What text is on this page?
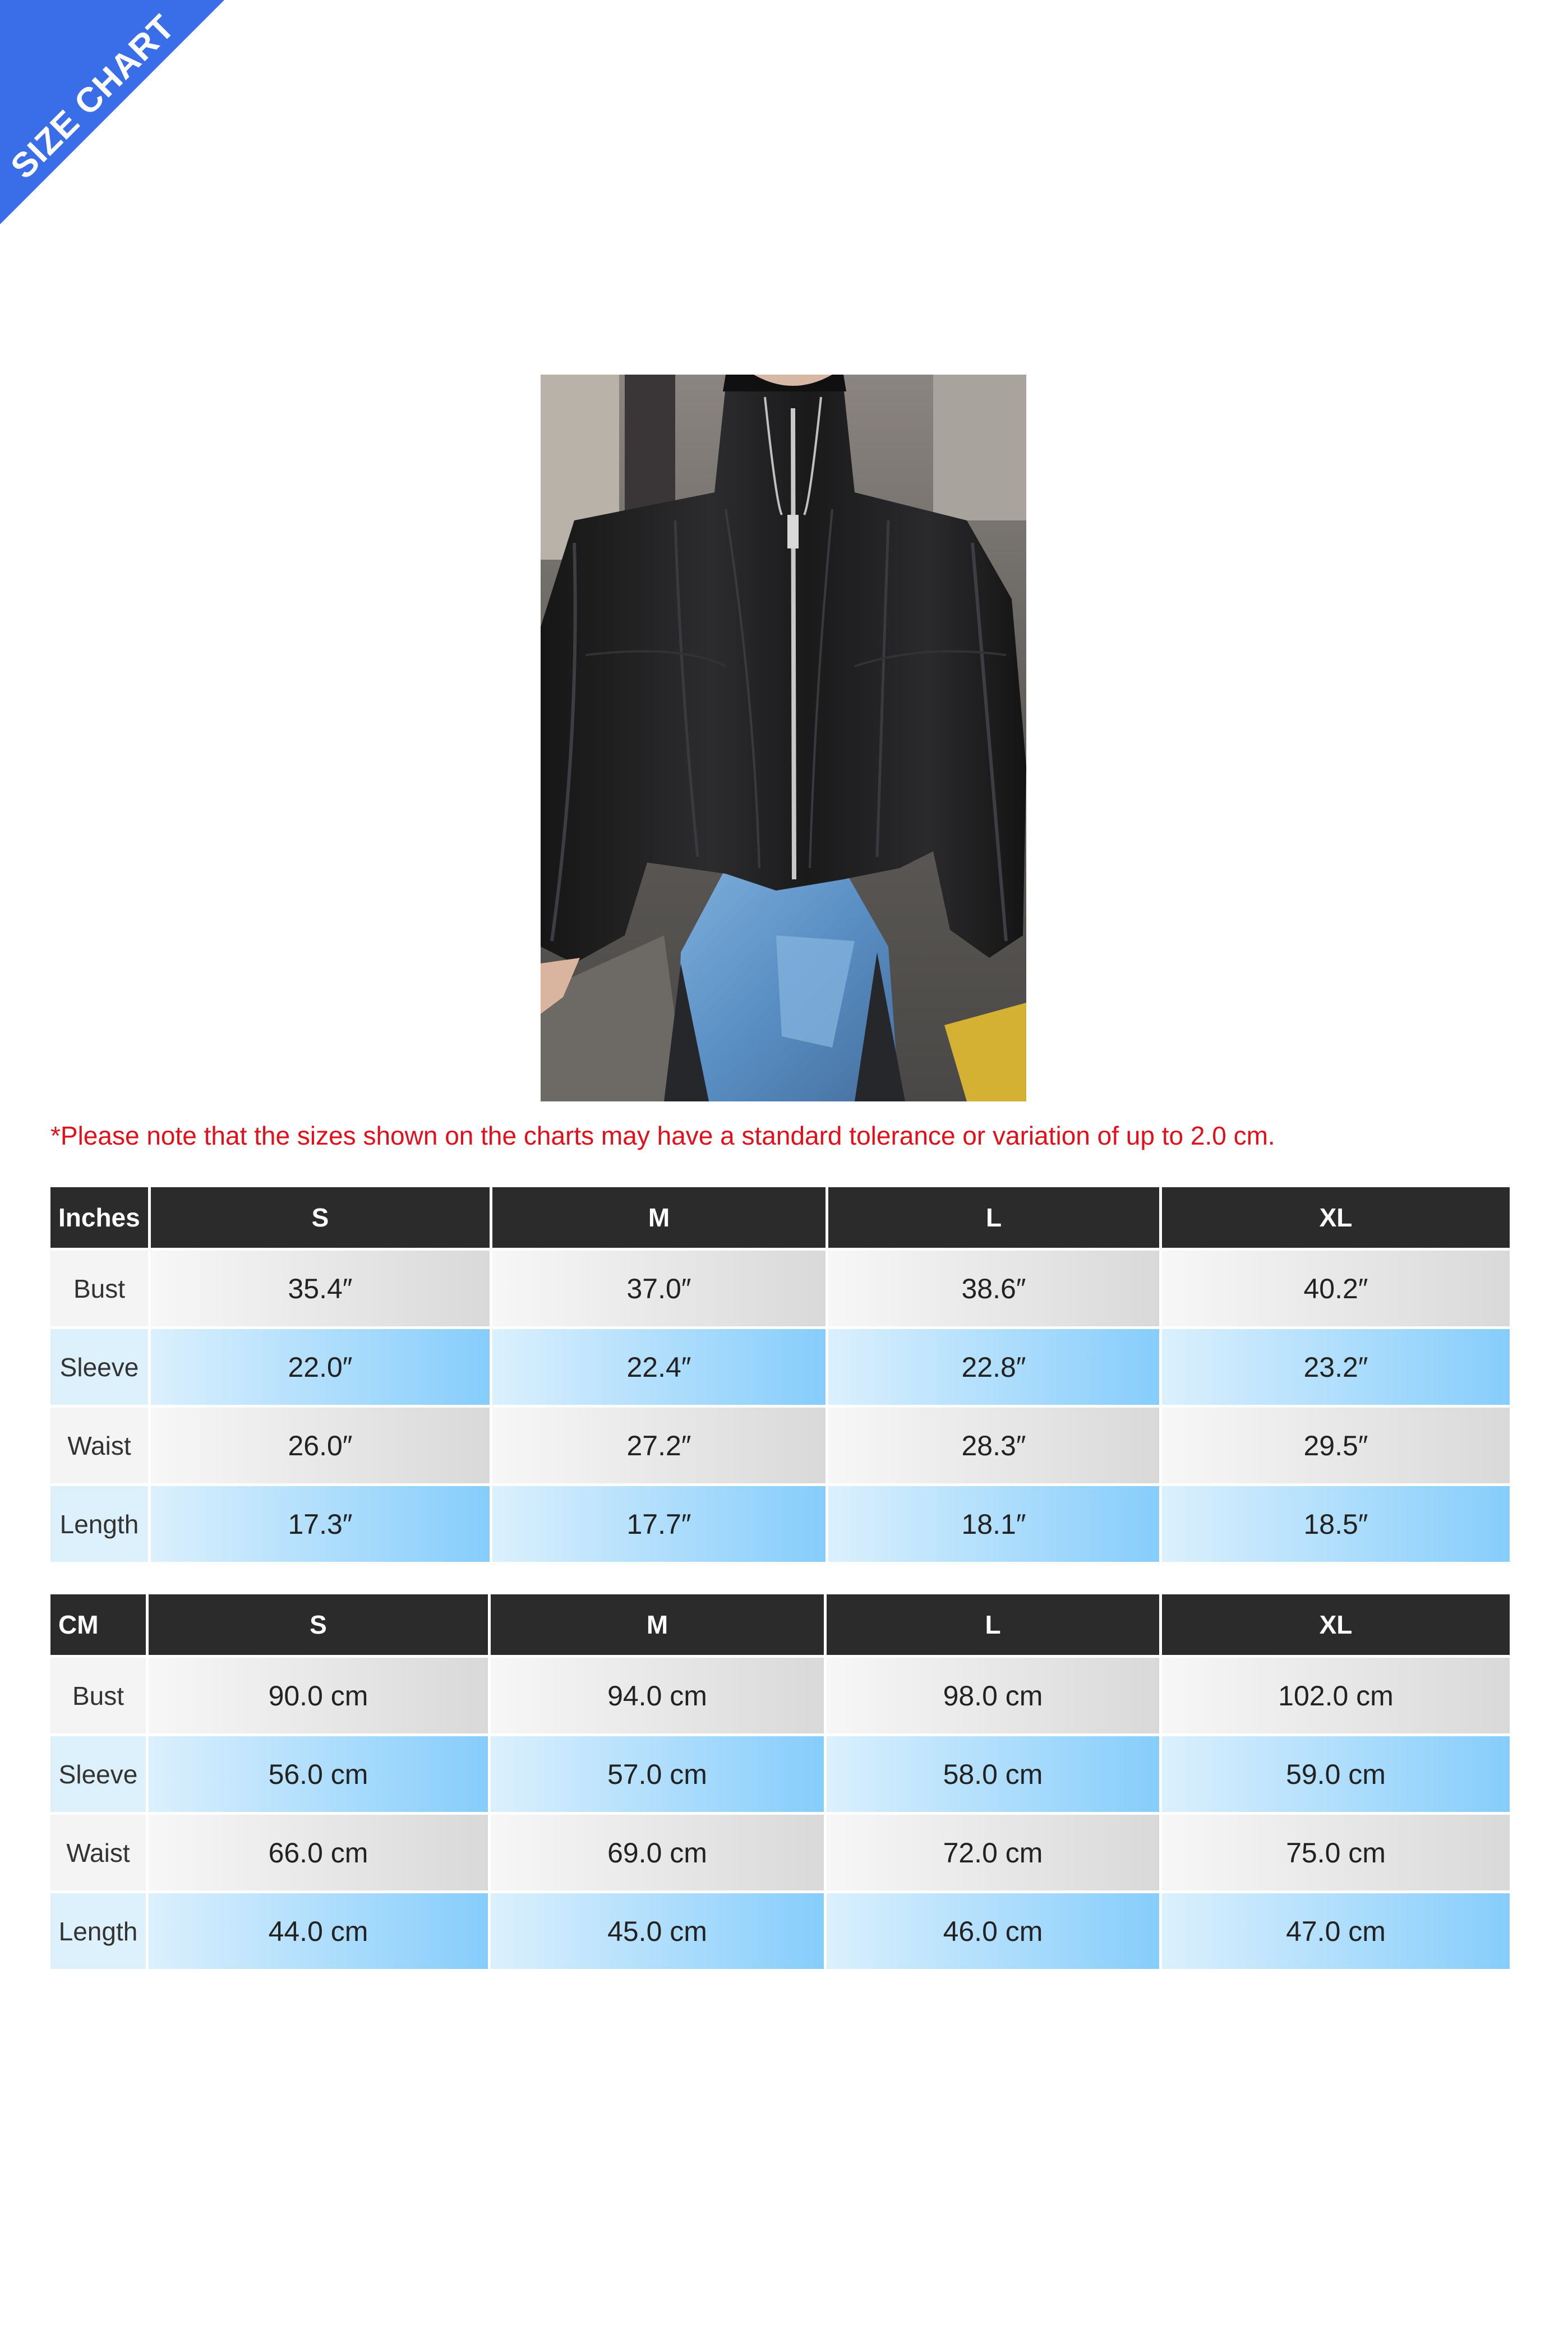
SIZE CHART
*Please note that the sizes shown on the charts may have a standard tolerance or variation of up to 2.0 cm.
Inches	S	M	L	XL
Bust	35.4″	37.0″	38.6″	40.2″
Sleeve	22.0″	22.4″	22.8″	23.2″
Waist	26.0″	27.2″	28.3″	29.5″
Length	17.3″	17.7″	18.1″	18.5″
CM	S	M	L	XL
Bust	90.0 cm	94.0 cm	98.0 cm	102.0 cm
Sleeve	56.0 cm	57.0 cm	58.0 cm	59.0 cm
Waist	66.0 cm	69.0 cm	72.0 cm	75.0 cm
Length	44.0 cm	45.0 cm	46.0 cm	47.0 cm
